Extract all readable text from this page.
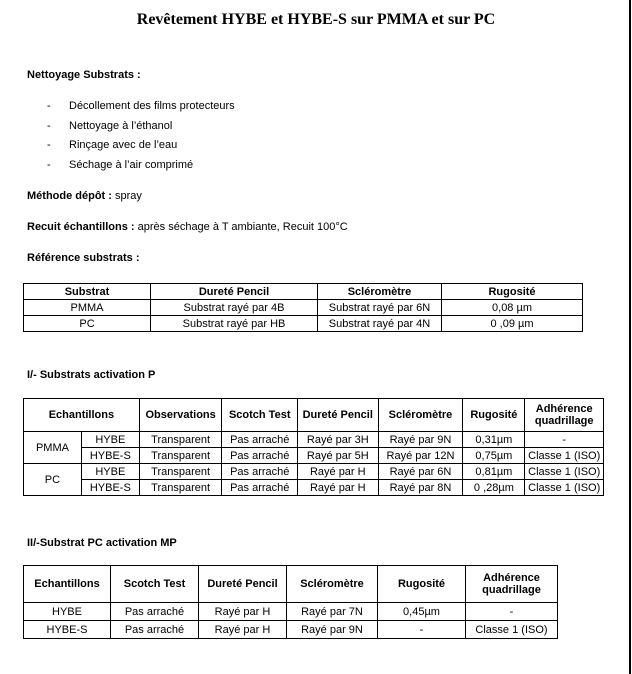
Revêtement HYBE et HYBE-S sur PMMA et sur PC
Nettoyage Substrats :
- Décollement des films protecteurs
- Nettoyage à l’éthanol
- Rinçage avec de l’eau
- Séchage à l’air comprimé
Méthode dépôt : spray
Recuit échantillons : après séchage à T ambiante, Recuit 100°C
Référence substrats :
Substrat	Dureté Pencil	Scléromètre	Rugosité
PMMA	Substrat rayé par 4B	Substrat rayé par 6N	0,08 µm
PC	Substrat rayé par HB	Substrat rayé par 4N	0 ,09 µm
I/- Substrats activation P
Echantillons		Observations	Scotch Test	Dureté Pencil	Scléromètre	Rugosité	Adhérence quadrillage
PMMA	HYBE	Transparent	Pas arraché	Rayé par 3H	Rayé par 9N	0,31µm	-
	HYBE-S	Transparent	Pas arraché	Rayé par 5H	Rayé par 12N	0,75µm	Classe 1 (ISO)
PC	HYBE	Transparent	Pas arraché	Rayé par H	Rayé par 6N	0,81µm	Classe 1 (ISO)
	HYBE-S	Transparent	Pas arraché	Rayé par H	Rayé par 8N	0 ,28µm	Classe 1 (ISO)
II/-Substrat PC activation MP
Echantillons	Scotch Test	Dureté Pencil	Scléromètre	Rugosité	Adhérence quadrillage
HYBE	Pas arraché	Rayé par H	Rayé par 7N	0,45µm	-
HYBE-S	Pas arraché	Rayé par H	Rayé par 9N	-	Classe 1 (ISO)
